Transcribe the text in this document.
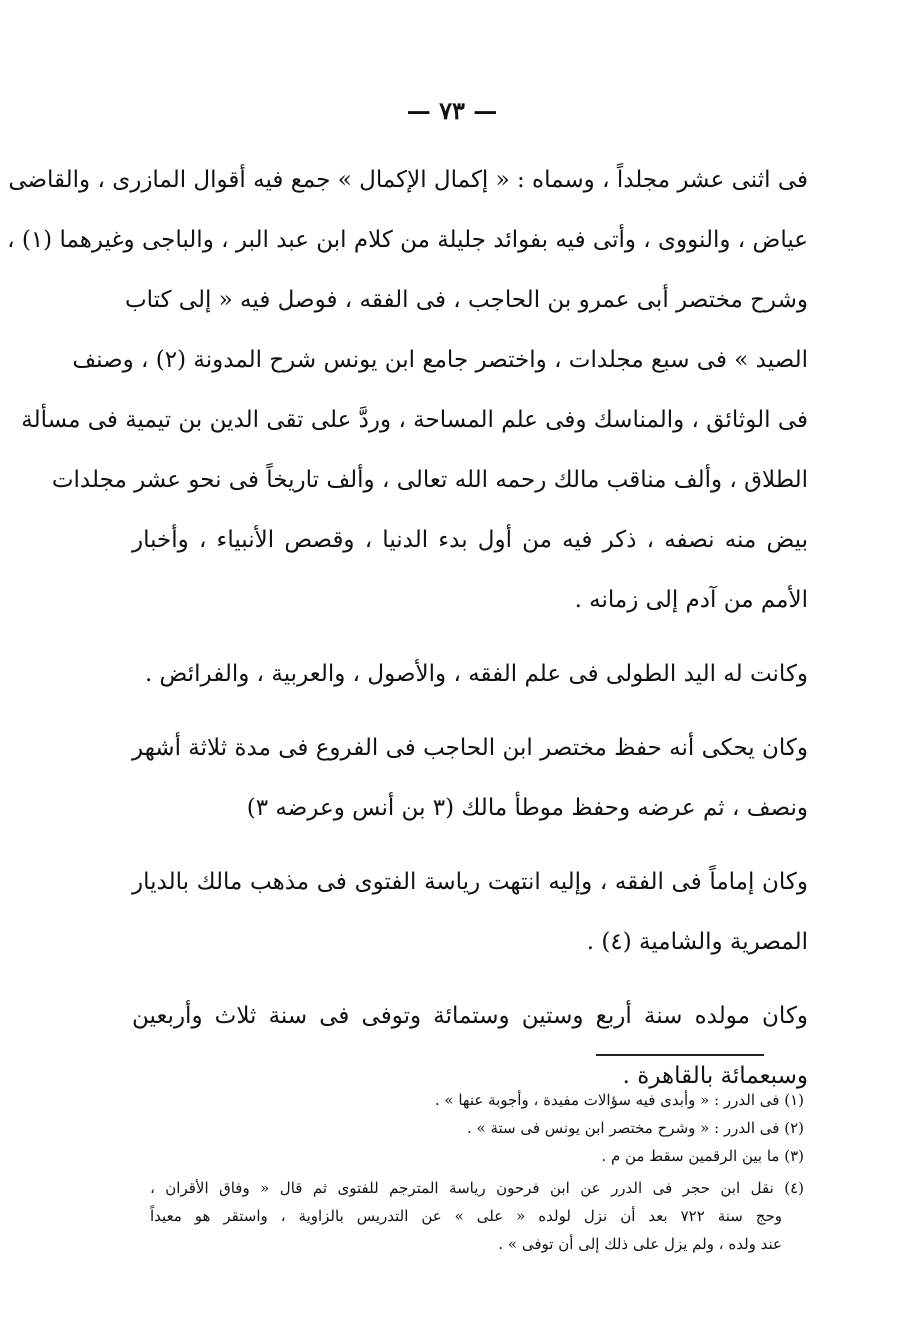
— ٧٣ —
فى اثنى عشر مجلداً ، وسماه : « إكمال الإكمال » جمع فيه أقوال المازرى ، والقاضى
عياض ، والنووى ، وأتى فيه بفوائد جليلة من كلام ابن عبد البر ، والباجى وغيرهما (١) ،
وشرح مختصر أبى عمرو بن الحاجب ، فى الفقه ، فوصل فيه « إلى كتاب
الصيد » فى سبع مجلدات ، واختصر جامع ابن يونس شرح المدونة (٢) ، وصنف
فى الوثائق ، والمناسك وفى علم المساحة ، وردَّ على تقى الدين بن تيمية فى مسألة
الطلاق ، وألف مناقب مالك رحمه الله تعالى ، وألف تاريخاً فى نحو عشر مجلدات
بيض منه نصفه ، ذكر فيه من أول بدء الدنيا ، وقصص الأنبياء ، وأخبار
الأمم من آدم إلى زمانه .
وكانت له اليد الطولى فى علم الفقه ، والأصول ، والعربية ، والفرائض .
وكان يحكى أنه حفظ مختصر ابن الحاجب فى الفروع فى مدة ثلاثة أشهر
ونصف ، ثم عرضه وحفظ موطأ مالك (٣ بن أنس وعرضه ٣)
وكان إماماً فى الفقه ، وإليه انتهت رياسة الفتوى فى مذهب مالك بالديار
المصرية والشامية (٤) .
وكان مولده سنة أربع وستين وستمائة وتوفى فى سنة ثلاث وأربعين
وسبعمائة بالقاهرة .
(١) فى الدرر : « وأبدى فيه سؤالات مفيدة ، وأجوبة عنها » .
(٢) فى الدرر : « وشرح مختصر ابن يونس فى ستة » .
(٣) ما بين الرقمين سقط من م .
(٤) نقل ابن حجر فى الدرر عن ابن فرحون رياسة المترجم للفتوى ثم قال « وفاق الأقران ،
وحج سنة ٧٢٢ بعد أن نزل لولده « على » عن التدريس بالزاوية ، واستقر هو معيداً
عند ولده ، ولم يزل على ذلك إلى أن توفى » .
